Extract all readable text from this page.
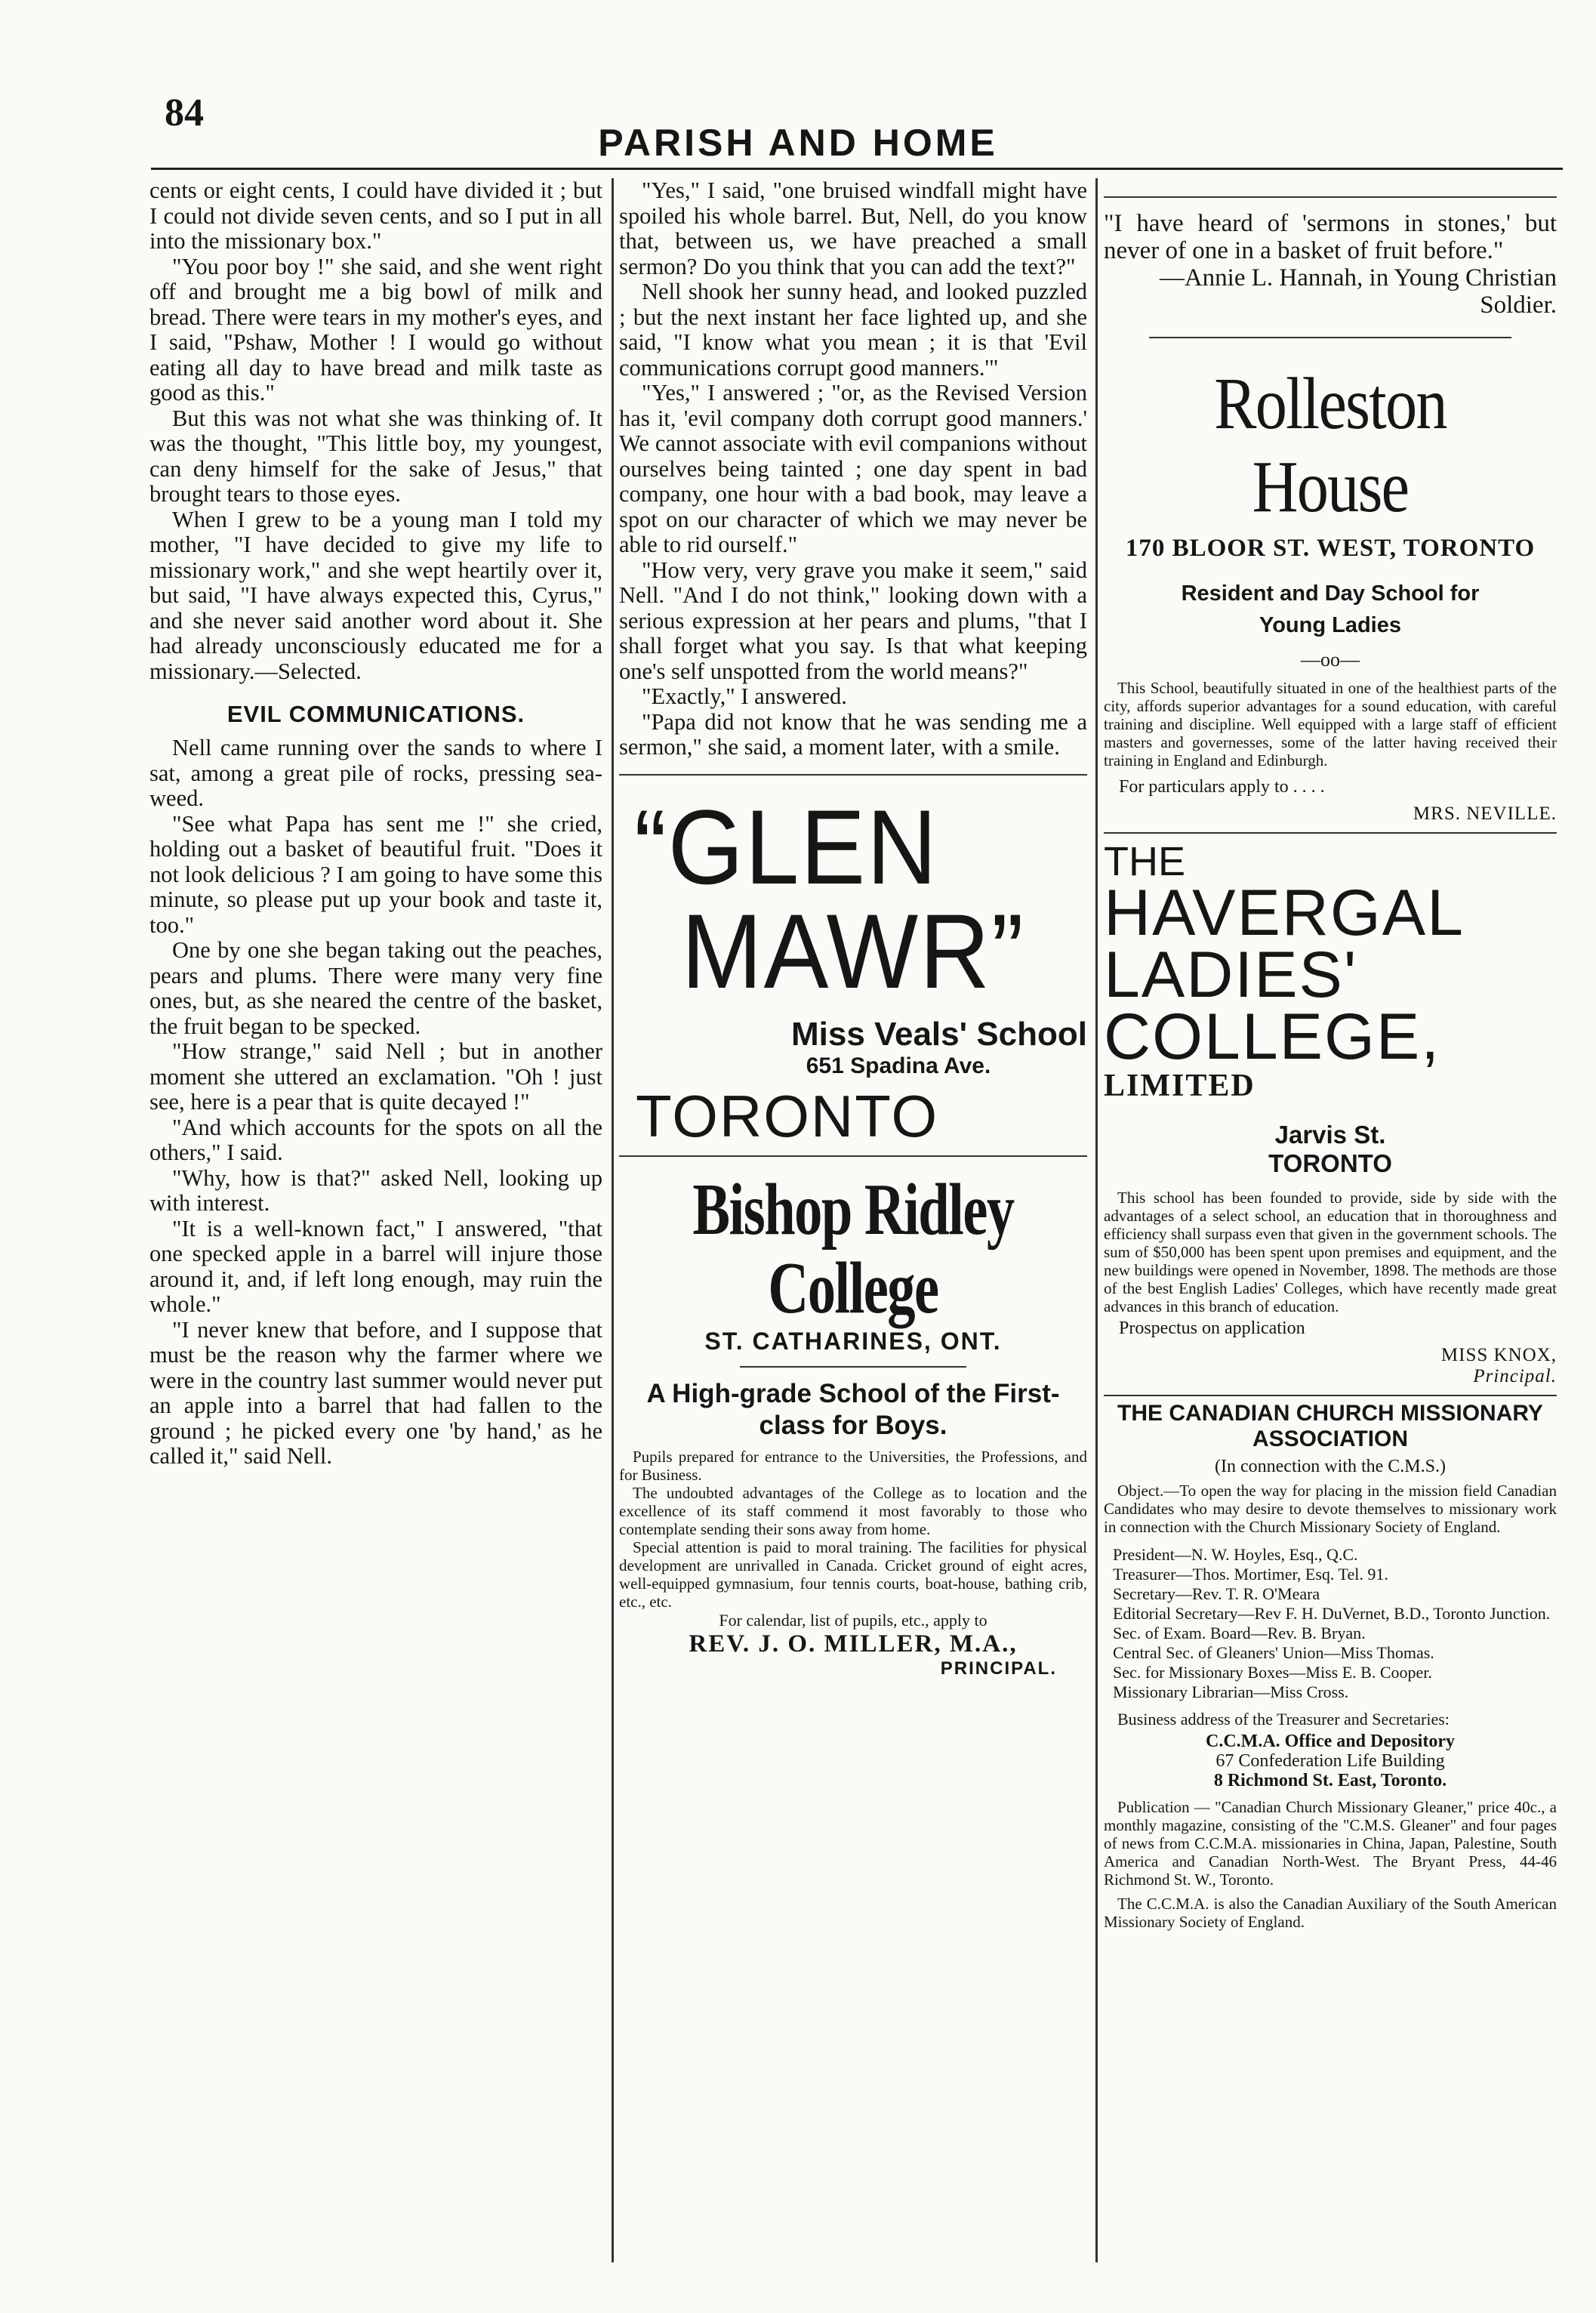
84

PARISH AND HOME

cents or eight cents, I could have divided it ; but I could not divide seven cents, and so I put in all into the missionary box."

"You poor boy !" she said, and she went right off and brought me a big bowl of milk and bread. There were tears in my mother's eyes, and I said, "Pshaw, Mother ! I would go without eating all day to have bread and milk taste as good as this."

But this was not what she was thinking of. It was the thought, "This little boy, my youngest, can deny himself for the sake of Jesus," that brought tears to those eyes.

When I grew to be a young man I told my mother, "I have decided to give my life to missionary work," and she wept heartily over it, but said, "I have always expected this, Cyrus," and she never said another word about it. She had already unconsciously educated me for a missionary.—Selected.

EVIL COMMUNICATIONS.

Nell came running over the sands to where I sat, among a great pile of rocks, pressing sea-weed.

"See what Papa has sent me !" she cried, holding out a basket of beautiful fruit. "Does it not look delicious ? I am going to have some this minute, so please put up your book and taste it, too."

One by one she began taking out the peaches, pears and plums. There were many very fine ones, but, as she neared the centre of the basket, the fruit began to be specked.

"How strange," said Nell ; but in another moment she uttered an exclamation. "Oh ! just see, here is a pear that is quite decayed !"

"And which accounts for the spots on all the others," I said.

"Why, how is that?" asked Nell, looking up with interest.

"It is a well-known fact," I answered, "that one specked apple in a barrel will injure those around it, and, if left long enough, may ruin the whole."

"I never knew that before, and I suppose that must be the reason why the farmer where we were in the country last summer would never put an apple into a barrel that had fallen to the ground ; he picked every one 'by hand,' as he called it," said Nell.

"Yes," I said, "one bruised windfall might have spoiled his whole barrel. But, Nell, do you know that, between us, we have preached a small sermon? Do you think that you can add the text?"

Nell shook her sunny head, and looked puzzled ; but the next instant her face lighted up, and she said, "I know what you mean ; it is that 'Evil communications corrupt good manners.'"

"Yes," I answered ; "or, as the Revised Version has it, 'evil company doth corrupt good manners.' We cannot associate with evil companions without ourselves being tainted ; one day spent in bad company, one hour with a bad book, may leave a spot on our character of which we may never be able to rid ourself."

"How very, very grave you make it seem," said Nell. "And I do not think," looking down with a serious expression at her pears and plums, "that I shall forget what you say. Is that what keeping one's self unspotted from the world means?"

"Exactly," I answered.

"Papa did not know that he was sending me a sermon," she said, a moment later, with a smile.

“GLEN
MAWR”
Miss Veals' School
651 Spadina Ave.
TORONTO
Bishop Ridley College
ST. CATHARINES, ONT.
A High-grade School of the First-class for Boys.

Pupils prepared for entrance to the Universities, the Professions, and for Business.

The undoubted advantages of the College as to location and the excellence of its staff commend it most favorably to those who contemplate sending their sons away from home.

Special attention is paid to moral training. The facilities for physical development are unrivalled in Canada. Cricket ground of eight acres, well-equipped gymnasium, four tennis courts, boat-house, bathing crib, etc., etc.

For calendar, list of pupils, etc., apply to

REV. J. O. MILLER, M.A.,

PRINCIPAL.

"I have heard of 'sermons in stones,' but never of one in a basket of fruit before."

—Annie L. Hannah, in Young Christian Soldier.

Rolleston House
170 BLOOR ST. WEST, TORONTO
Resident and Day School for Young Ladies
—oo—

This School, beautifully situated in one of the healthiest parts of the city, affords superior advantages for a sound education, with careful training and discipline. Well equipped with a large staff of efficient masters and governesses, some of the latter having received their training in England and Edinburgh.

For particulars apply to . . . .

MRS. NEVILLE.

THE
HAVERGAL
LADIES'
COLLEGE, LIMITED
Jarvis St.
TORONTO

This school has been founded to provide, side by side with the advantages of a select school, an education that in thoroughness and efficiency shall surpass even that given in the government schools. The sum of $50,000 has been spent upon premises and equipment, and the new buildings were opened in November, 1898. The methods are those of the best English Ladies' Colleges, which have recently made great advances in this branch of education.

Prospectus on application

MISS KNOX,

Principal.

THE CANADIAN CHURCH MISSIONARY ASSOCIATION
(In connection with the C.M.S.)

Object.—To open the way for placing in the mission field Canadian Candidates who may desire to devote themselves to missionary work in connection with the Church Missionary Society of England.

President—N. W. Hoyles, Esq., Q.C.

Treasurer—Thos. Mortimer, Esq. Tel. 91.

Secretary—Rev. T. R. O'Meara

Editorial Secretary—Rev F. H. DuVernet, B.D., Toronto Junction.

Sec. of Exam. Board—Rev. B. Bryan.

Central Sec. of Gleaners' Union—Miss Thomas.

Sec. for Missionary Boxes—Miss E. B. Cooper.

Missionary Librarian—Miss Cross.

Business address of the Treasurer and Secretaries:

C.C.M.A. Office and Depository

67 Confederation Life Building

8 Richmond St. East, Toronto.

Publication — "Canadian Church Missionary Gleaner," price 40c., a monthly magazine, consisting of the "C.M.S. Gleaner" and four pages of news from C.C.M.A. missionaries in China, Japan, Palestine, South America and Canadian North-West. The Bryant Press, 44-46 Richmond St. W., Toronto.

The C.C.M.A. is also the Canadian Auxiliary of the South American Missionary Society of England.
